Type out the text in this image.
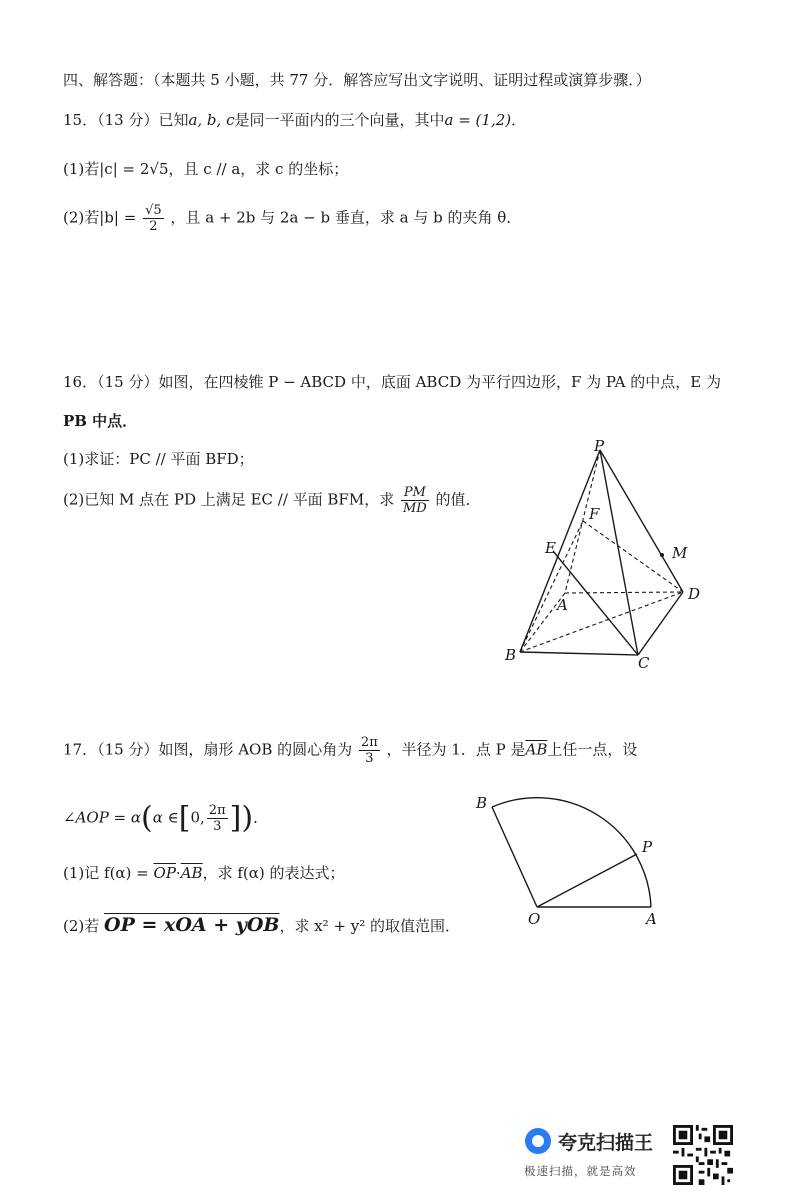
四、解答题：（本题共 5 小题，共 77 分．解答应写出文字说明、证明过程或演算步骤．）
15．（13 分）已知a, b, c是同一平面内的三个向量，其中a = (1,2)．
(1)若|c| = 2√5，且 c // a，求 c 的坐标；
(2)若$|b| = \frac{√5}{2}$ ，且 a + 2b 与 2a − b 垂直，求 a 与 b 的夹角 θ．
16．（15 分）如图，在四棱锥 P − ABCD 中，底面 ABCD 为平行四边形，F 为 PA 的中点，E 为
PB 中点．
(1)求证：PC // 平面 BFD；
(2)已知 M 点在 PD 上满足 EC // 平面 BFM，求 $\frac{PM}{MD}$ 的值．
P
F
E	M
A
D
B	C
17．（15 分）如图，扇形 AOB 的圆心角为 $\frac{2\pi}{3}$ ，半径为 1．点 P 是$\overline{AB}$上任一点，设
∠AOP = α(α ∈[0, $\frac{2\pi}{3}$ ])．
(1)记 $f(\alpha) = \overline{OP}\cdot\overline{AB}$，求 f(α) 的表达式；
(2)若 OP = xOA + yOB，求 x² + y² 的取值范围．
B
P
O	A
夸克扫描王
极速扫描，就是高效
